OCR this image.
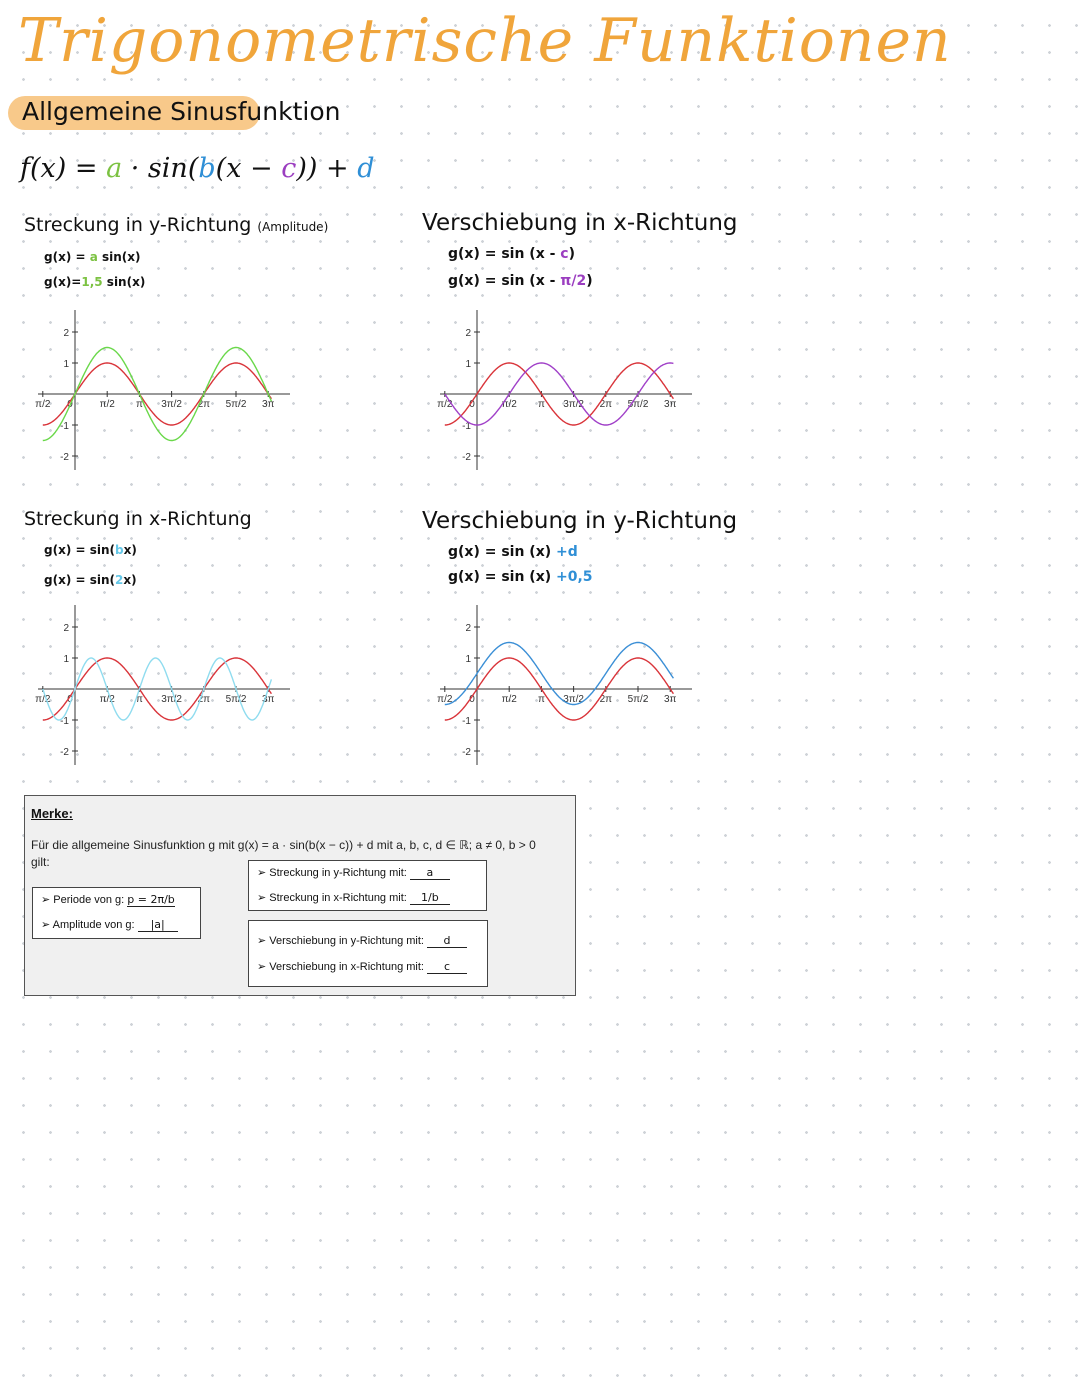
Trigonometrische Funktionen
Allgemeine Sinusfunktion
f(x) = a · sin(b(x − c)) + d
Streckung in y-Richtung (Amplitude)
g(x) = a sin(x)
g(x)=1,5 sin(x)
Verschiebung in x-Richtung
g(x) = sin (x - c)
g(x) = sin (x - π/2)
Streckung in x-Richtung
g(x) = sin(bx)
g(x) = sin(2x)
Verschiebung in y-Richtung
g(x) = sin (x) +d
g(x) = sin (x) +0,5
π/2 0	π/2 π 3π/2 2π 5π/2 3π
2
1
-1
-2
π/2 0	π/2 π 3π/2 2π 5π/2 3π
2
1
-1
-2
π/2 0	π/2 π 3π/2 2π 5π/2 3π
2
1
-1
-2
π/2 0	π/2 π 3π/2 2π 5π/2 3π
2
1
-1
-2
Merke:
Für die allgemeine Sinusfunktion g mit g(x) = a · sin(b(x − c)) + d mit a, b, c, d ∈ ℝ; a ≠ 0, b > 0
gilt:
➢ Periode von g: p = 2π/b
➢ Amplitude von g: |a|
➢ Streckung in y-Richtung mit: a
➢ Streckung in x-Richtung mit: 1/b
➢ Verschiebung in y-Richtung mit: d
➢ Verschiebung in x-Richtung mit: c
